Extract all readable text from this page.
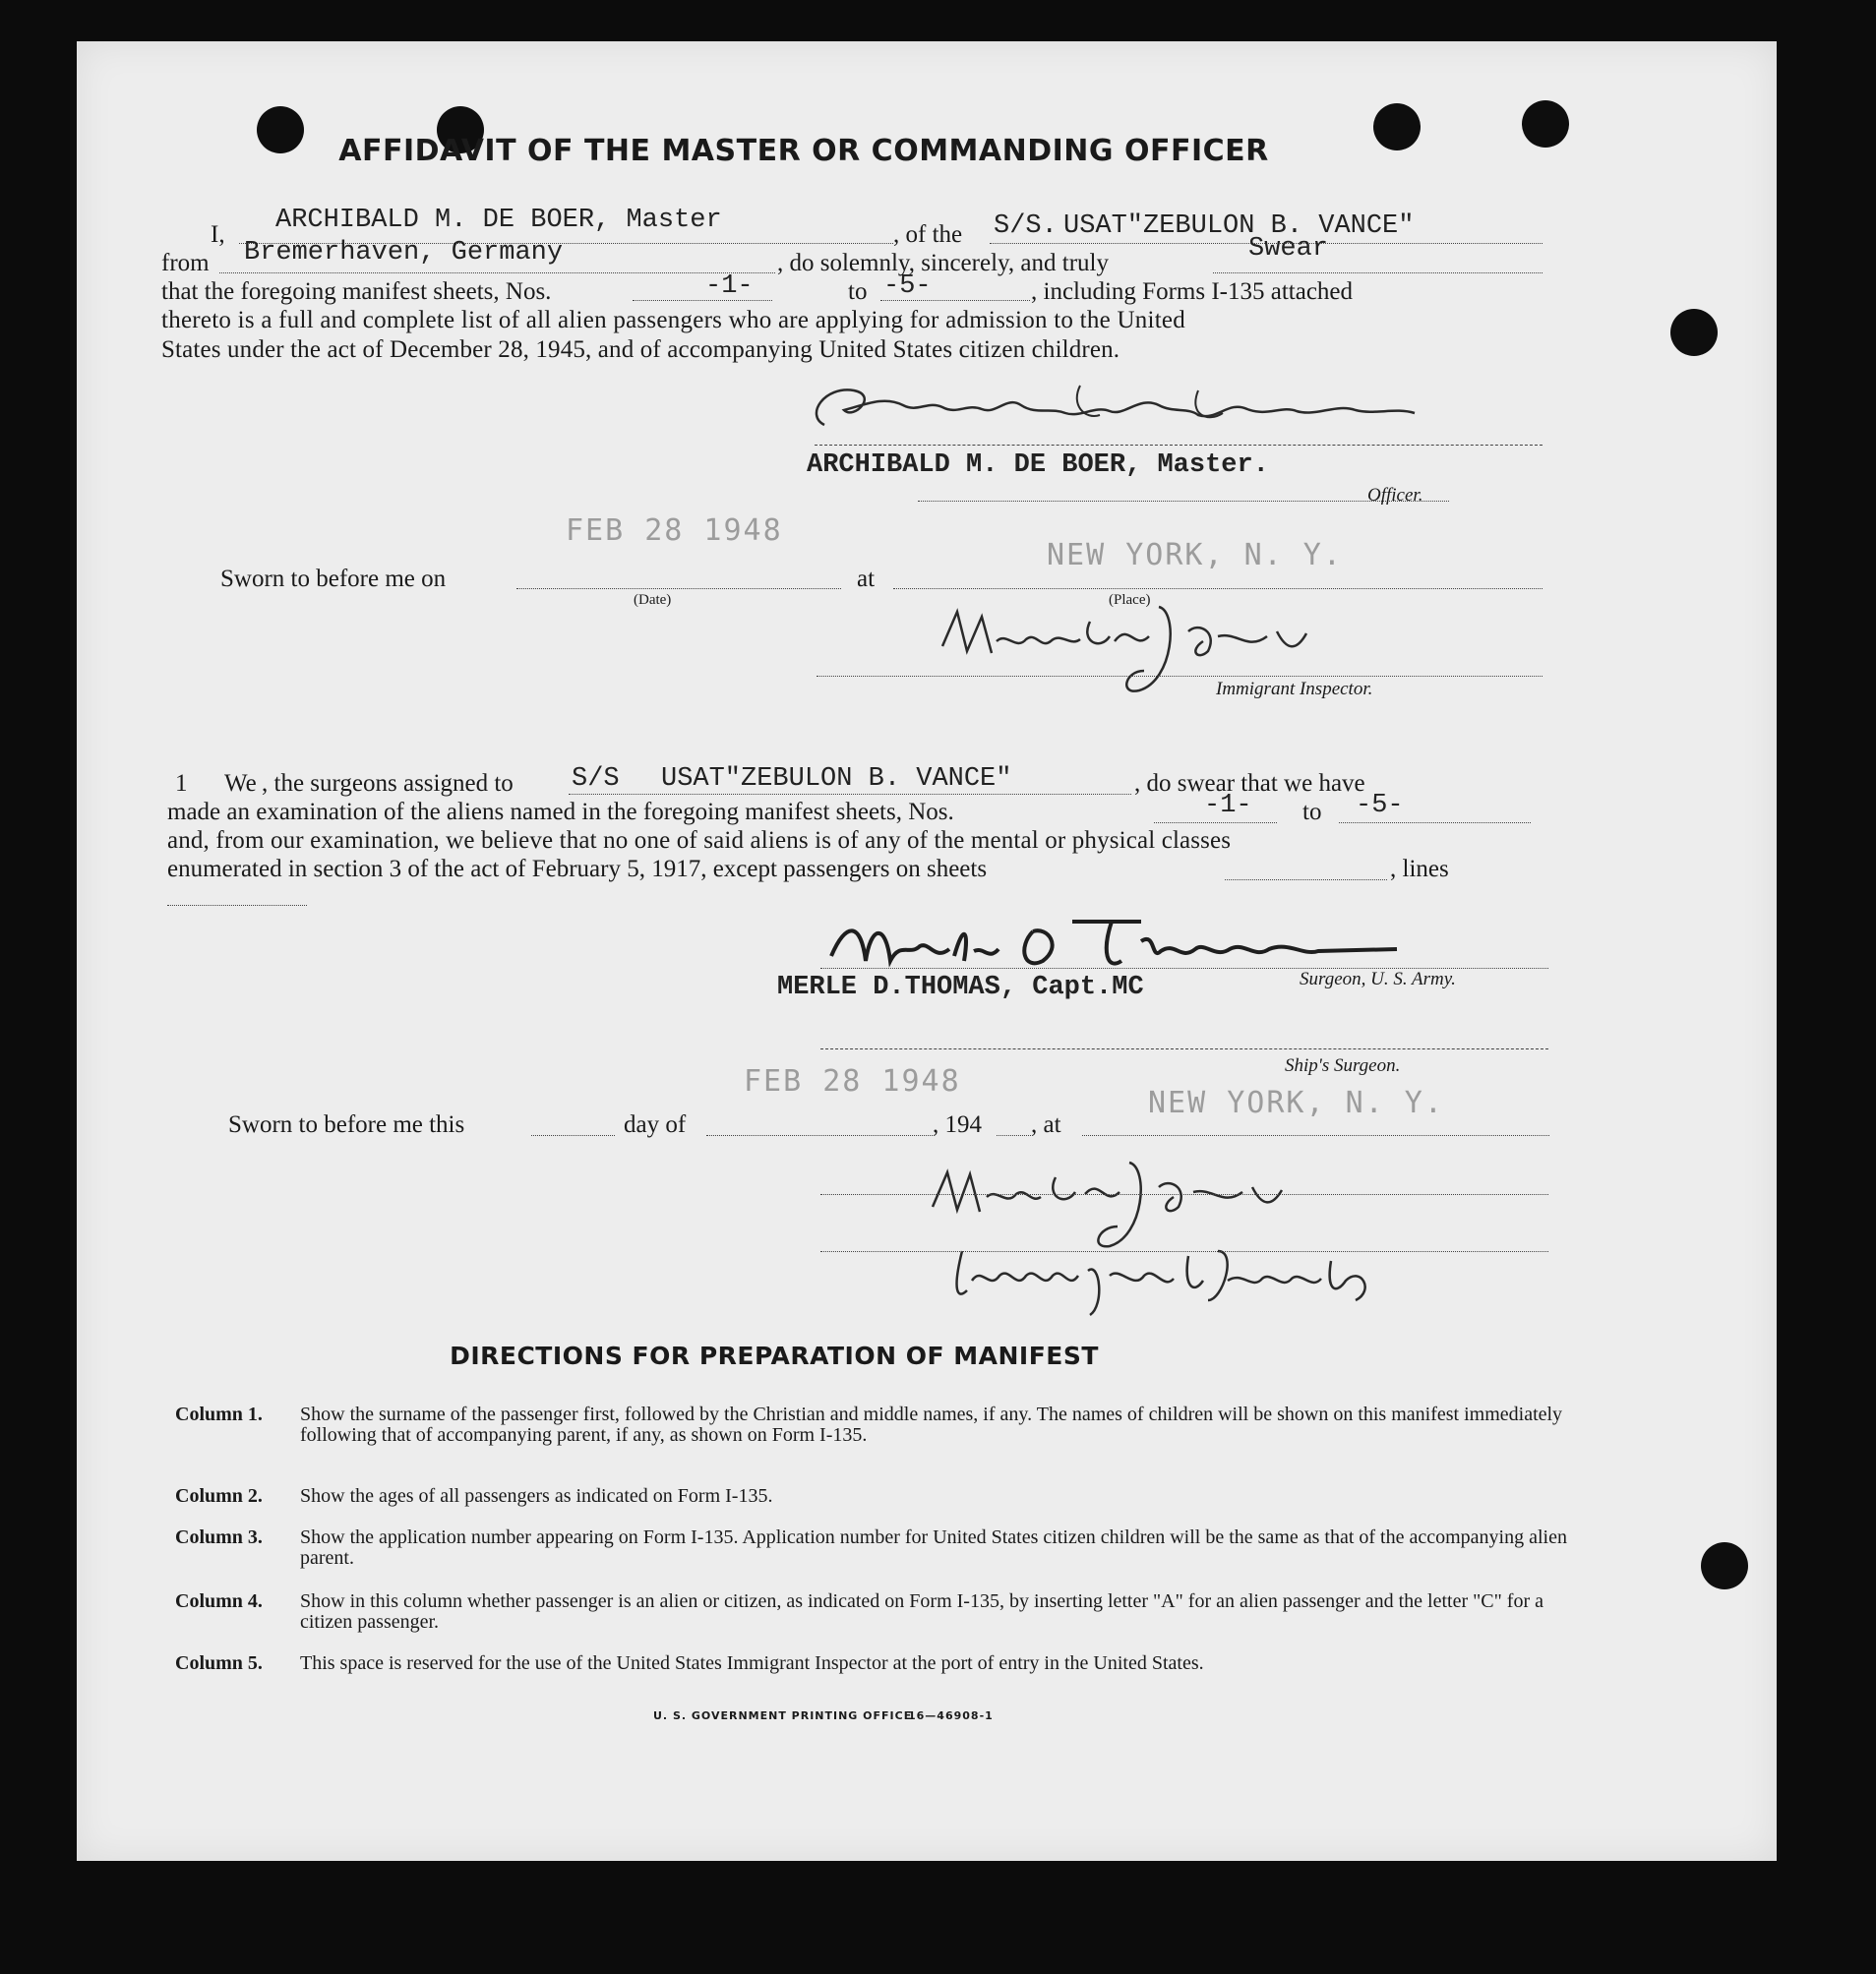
AFFIDAVIT OF THE MASTER OR COMMANDING OFFICER
I, ARCHIBALD M. DE BOER, Master	, of the S/S. USAT"ZEBULON B. VANCE"
from Bremerhaven, Germany	, do solemnly, sincerely, and truly	Swear
that the foregoing manifest sheets, Nos.	-1-	to -5-	, including Forms I-135 attached
thereto is a full and complete list of all alien passengers who are applying for admission to the United
States under the act of December 28, 1945, and of accompanying United States citizen children.
ARCHIBALD M. DE BOER, Master.
Officer.
FEB 28 1948
NEW YORK, N. Y.
Sworn to before me on	at
(Date)	(Place)
Immigrant Inspector.
1 We , the surgeons assigned to S/S USAT"ZEBULON B. VANCE"	, do swear that we have
made an examination of the aliens named in the foregoing manifest sheets, Nos.	-1- to -5-
and, from our examination, we believe that no one of said aliens is of any of the mental or physical classes
enumerated in section 3 of the act of February 5, 1917, except passengers on sheets	, lines
MERLE D.THOMAS, Capt.MC	Surgeon, U. S. Army.
Ship's Surgeon.
FEB 28 1948
NEW YORK, N. Y.
Sworn to before me this	day of	, 194 , at
DIRECTIONS FOR PREPARATION OF MANIFEST
Column 1. Show the surname of the passenger first, followed by the Christian and middle names, if any. The names of children will be shown on this manifest immediately following that of accompanying parent, if any, as shown on Form I-135.
Column 2. Show the ages of all passengers as indicated on Form I-135.
Column 3. Show the application number appearing on Form I-135. Application number for United States citizen children will be the same as that of the accompanying alien parent.
Column 4. Show in this column whether passenger is an alien or citizen, as indicated on Form I-135, by inserting letter "A" for an alien passenger and the letter "C" for a citizen passenger.
Column 5. This space is reserved for the use of the United States Immigrant Inspector at the port of entry in the United States.
U. S. GOVERNMENT PRINTING OFFICE
16—46908-1
